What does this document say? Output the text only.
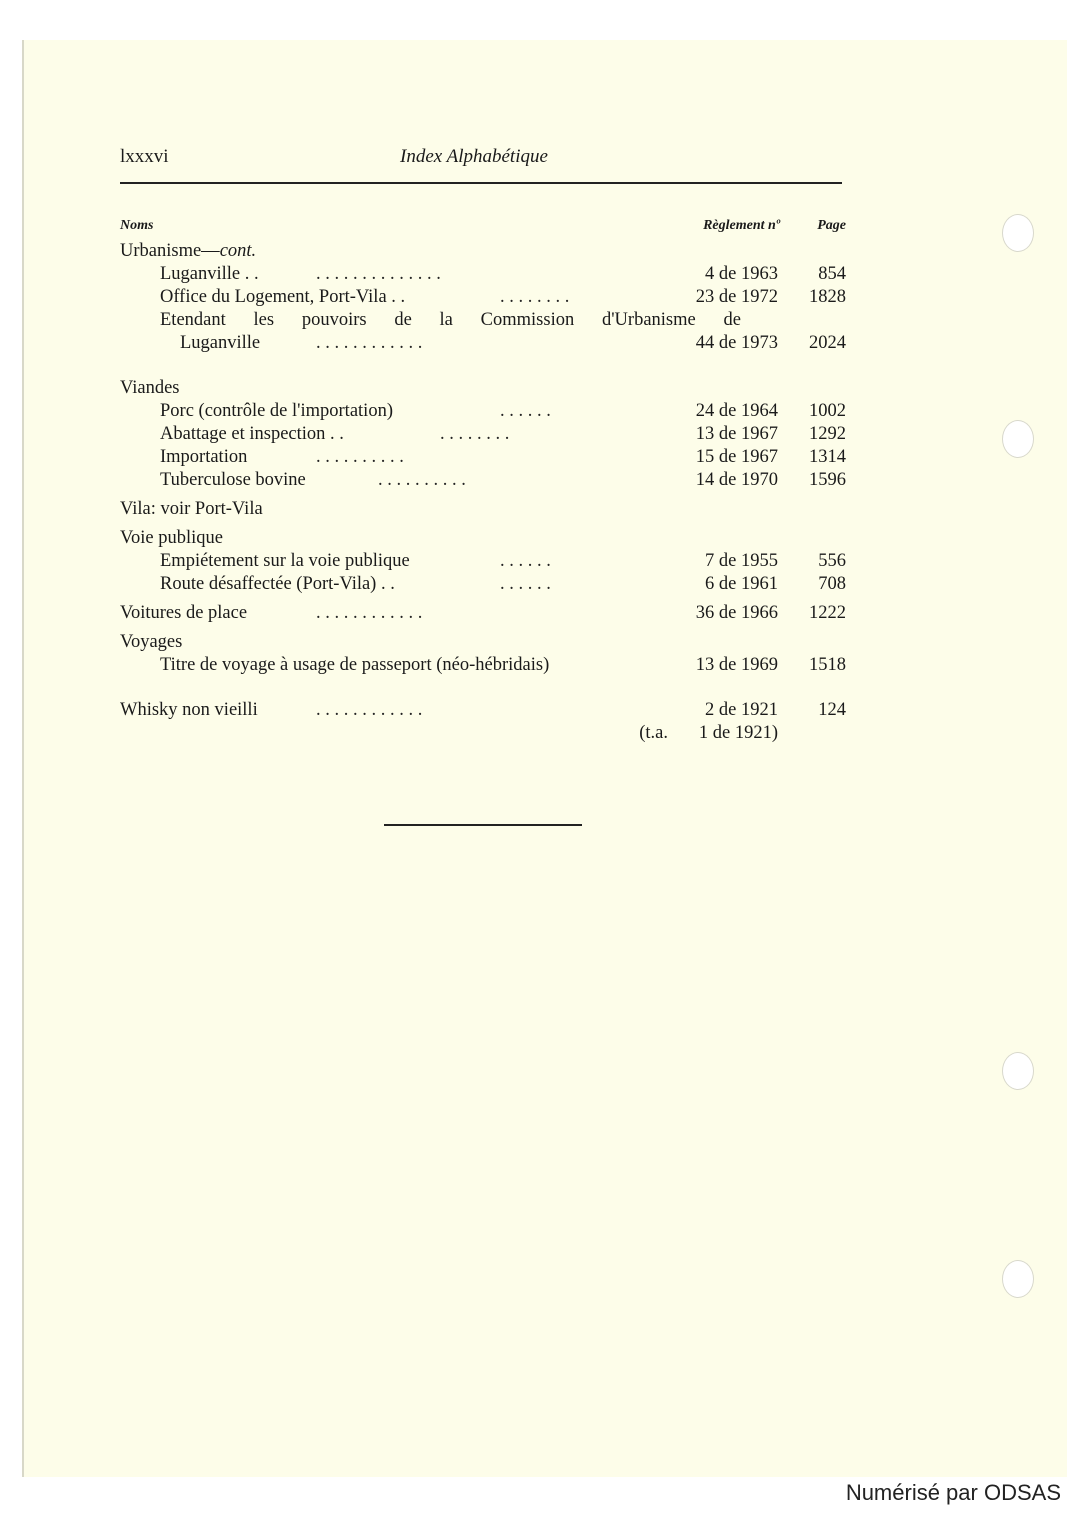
lxxxvi	Index Alphabétique
Noms	Règlement nº	Page
Urbanisme—cont.
Luganville . .	. . . . . . . . . . . . . .	4 de 1963 854
Office du Logement, Port-Vila . .	. . . . . . . .	23 de 1972 1828
Etendant les pouvoirs de la Commission d'Urbanisme de
Luganville	. . . . . . . . . . . .	44 de 1973 2024
Viandes
Porc (contrôle de l'importation)	. . . . . .	24 de 1964 1002
Abattage et inspection . .	. . . . . . . .	13 de 1967 1292
Importation	. . . . . . . . . .	15 de 1967 1314
Tuberculose bovine	. . . . . . . . . .	14 de 1970 1596
Vila: voir Port-Vila
Voie publique
Empiétement sur la voie publique	. . . . . .	7 de 1955 556
Route désaffectée (Port-Vila) . .	. . . . . .	6 de 1961 708
Voitures de place	. . . . . . . . . . . .	36 de 1966 1222
Voyages
Titre de voyage à usage de passeport (néo-hébridais)	13 de 1969 1518
Whisky non vieilli	. . . . . . . . . . . .	2 de 1921 124
(t.a. 1 de 1921)
Numérisé par ODSAS
